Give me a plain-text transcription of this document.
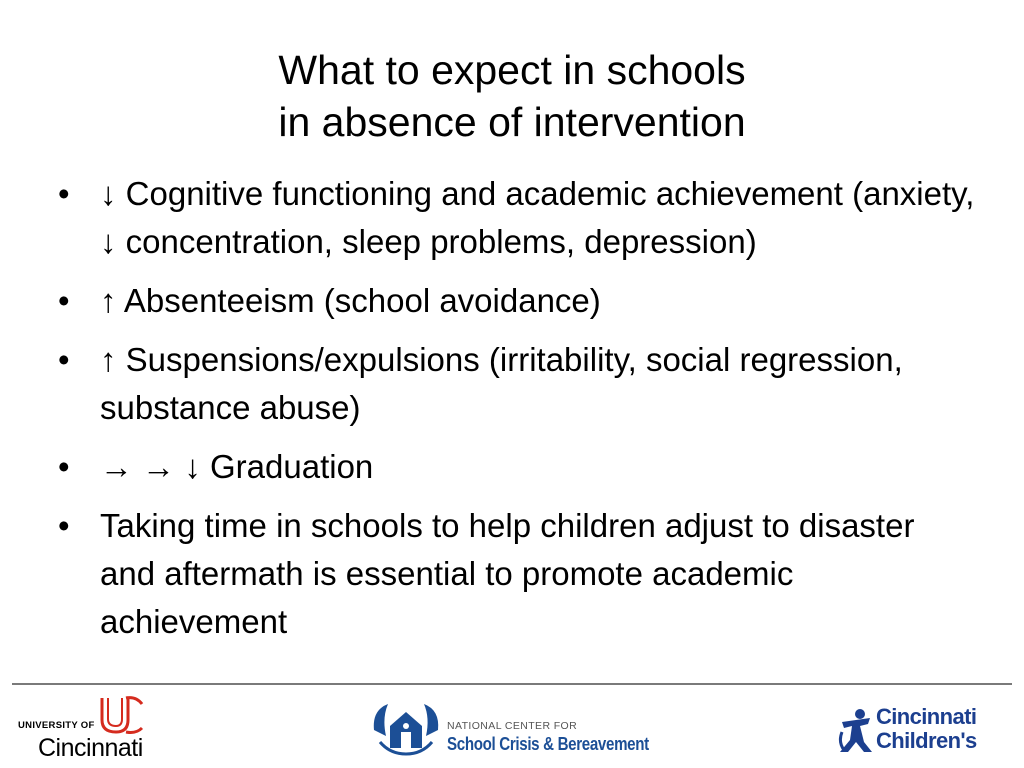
What to expect in schools
in absence of intervention
• ↓ Cognitive functioning and academic achievement (anxiety, ↓ concentration, sleep problems, depression)
• ↑ Absenteeism (school avoidance)
• ↑ Suspensions/expulsions (irritability, social regression, substance abuse)
• → → ↓ Graduation
• Taking time in schools to help children adjust to disaster and aftermath is essential to promote academic achievement
UNIVERSITY OF
Cincinnati
NATIONAL CENTER FOR
School Crisis & Bereavement
Cincinnati
Children's
